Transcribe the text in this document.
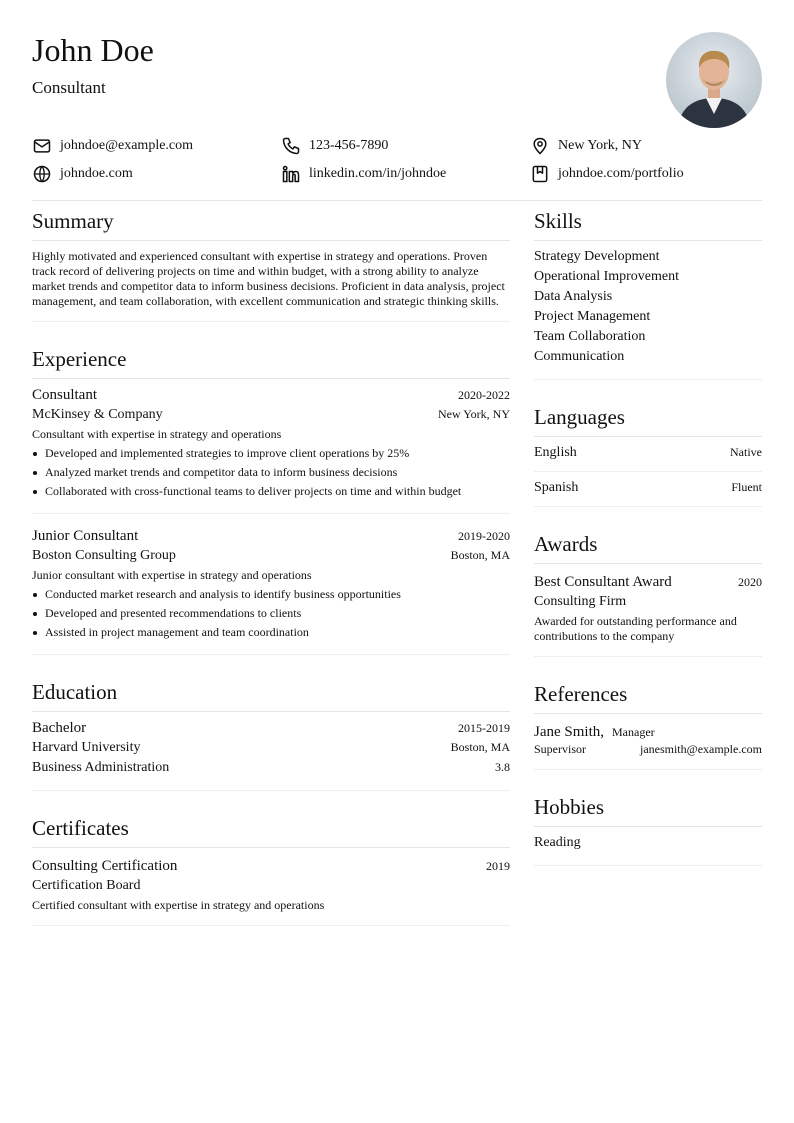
John Doe
Consultant
johndoe@example.com	123-456-7890	New York, NY
johndoe.com	linkedin.com/in/johndoe	johndoe.com/portfolio
Summary
Highly motivated and experienced consultant with expertise in strategy and operations. Proven track record of delivering projects on time and within budget, with a strong ability to analyze market trends and competitor data to inform business decisions. Proficient in data analysis, project management, and team collaboration, with excellent communication and strategic thinking skills.
Experience
Consultant	2020-2022
McKinsey & Company	New York, NY
Consultant with expertise in strategy and operations
Developed and implemented strategies to improve client operations by 25%
Analyzed market trends and competitor data to inform business decisions
Collaborated with cross-functional teams to deliver projects on time and within budget
Junior Consultant	2019-2020
Boston Consulting Group	Boston, MA
Junior consultant with expertise in strategy and operations
Conducted market research and analysis to identify business opportunities
Developed and presented recommendations to clients
Assisted in project management and team coordination
Education
Bachelor	2015-2019
Harvard University	Boston, MA
Business Administration	3.8
Certificates
Consulting Certification	2019
Certification Board
Certified consultant with expertise in strategy and operations
Skills
Strategy Development
Operational Improvement
Data Analysis
Project Management
Team Collaboration
Communication
Languages
English	Native
Spanish	Fluent
Awards
Best Consultant Award	2020
Consulting Firm
Awarded for outstanding performance and contributions to the company
References
Jane Smith, Manager
Supervisor	janesmith@example.com
Hobbies
Reading
